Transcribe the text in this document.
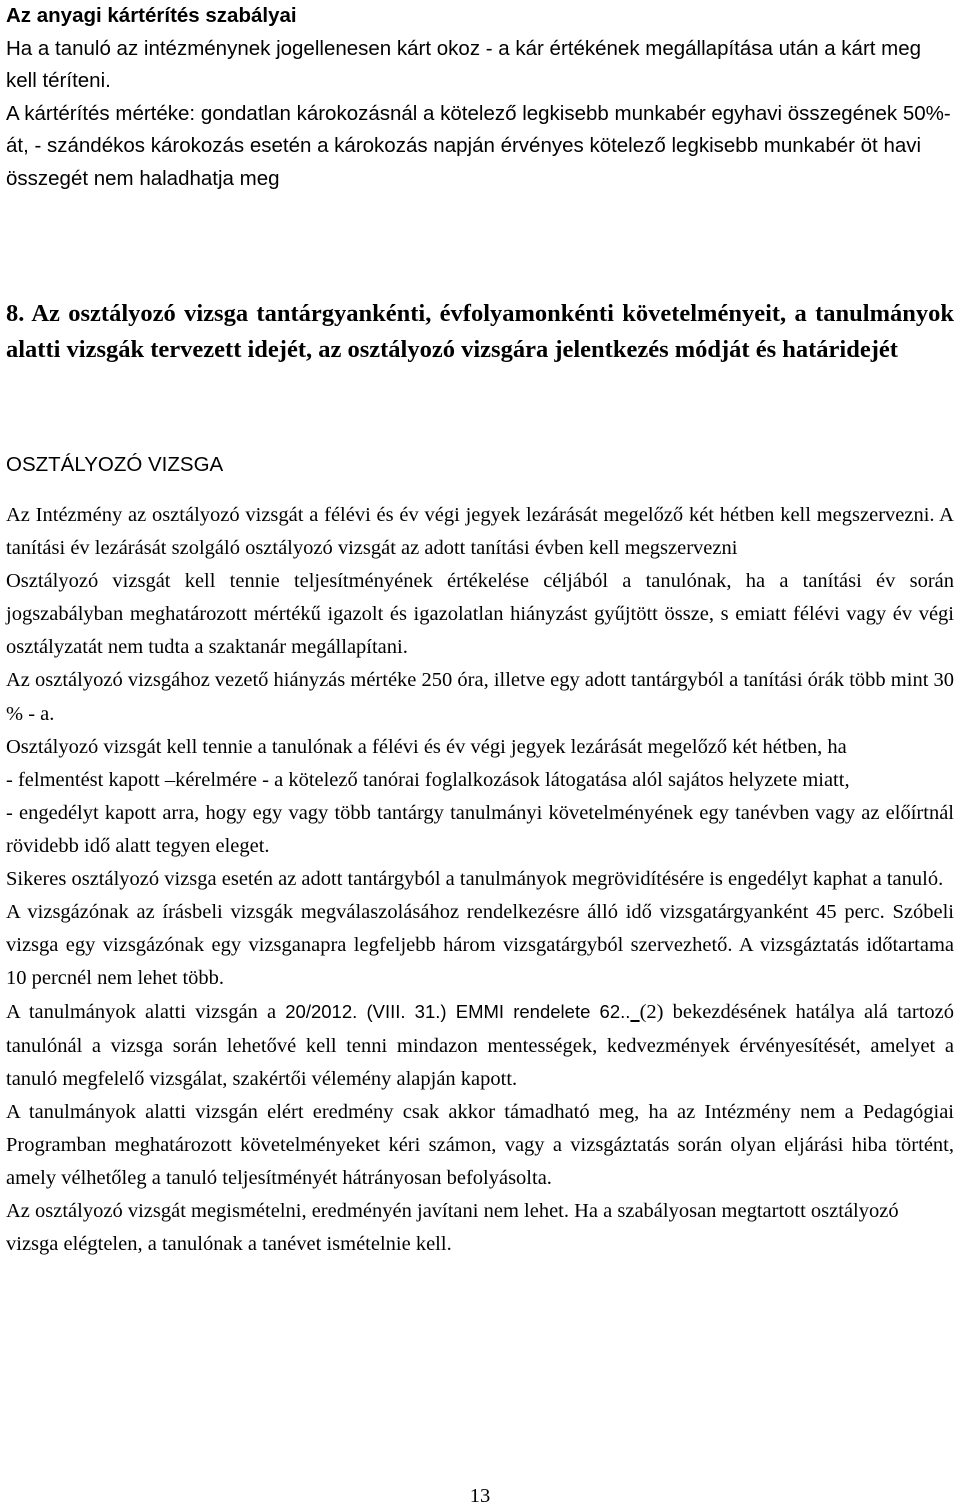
Az anyagi kártérítés szabályai
Ha a tanuló az intézménynek jogellenesen kárt okoz - a kár értékének megállapítása után a kárt meg kell téríteni.
A kártérítés mértéke: gondatlan károkozásnál a kötelező legkisebb munkabér egyhavi összegének 50%-át, - szándékos károkozás esetén a károkozás napján érvényes kötelező legkisebb munkabér öt havi összegét nem haladhatja meg
8. Az osztályozó vizsga tantárgyankénti, évfolyamonkénti követelményeit, a tanulmányok alatti vizsgák tervezett idejét, az osztályozó vizsgára jelentkezés módját és határidejét
OSZTÁLYOZÓ VIZSGA

Az Intézmény az osztályozó vizsgát a félévi és év végi jegyek lezárását megelőző két hétben kell megszervezni. A tanítási év lezárását szolgáló osztályozó vizsgát az adott tanítási évben kell megszervezni

Osztályozó vizsgát kell tennie teljesítményének értékelése céljából a tanulónak, ha a tanítási év során jogszabályban meghatározott mértékű igazolt és igazolatlan hiányzást gyűjtött össze, s emiatt félévi vagy év végi osztályzatát nem tudta a szaktanár megállapítani.

Az osztályozó vizsgához vezető hiányzás mértéke 250 óra, illetve egy adott tantárgyból a tanítási órák több mint 30 % - a.

Osztályozó vizsgát kell tennie a tanulónak a félévi és év végi jegyek lezárását megelőző két hétben, ha

- felmentést kapott –kérelmére - a kötelező tanórai foglalkozások látogatása alól sajátos helyzete miatt,

- engedélyt kapott arra, hogy egy vagy több tantárgy tanulmányi követelményének egy tanévben vagy az előírtnál rövidebb idő alatt tegyen eleget.

Sikeres osztályozó vizsga esetén az adott tantárgyból a tanulmányok megrövidítésére is engedélyt kaphat a tanuló.

A vizsgázónak az írásbeli vizsgák megválaszolásához rendelkezésre álló idő vizsgatárgyanként 45 perc. Szóbeli vizsga egy vizsgázónak egy vizsganapra legfeljebb három vizsgatárgyból szervezhető. A vizsgáztatás időtartama 10 percnél nem lehet több.

A tanulmányok alatti vizsgán a 20/2012. (VIII. 31.) EMMI rendelete 62.. (2) bekezdésének hatálya alá tartozó tanulónál a vizsga során lehetővé kell tenni mindazon mentességek, kedvezmények érvényesítését, amelyet a tanuló megfelelő vizsgálat, szakértői vélemény alapján kapott.

A tanulmányok alatti vizsgán elért eredmény csak akkor támadható meg, ha az Intézmény nem a Pedagógiai Programban meghatározott követelményeket kéri számon, vagy a vizsgáztatás során olyan eljárási hiba történt, amely vélhetőleg a tanuló teljesítményét hátrányosan befolyásolta.

Az osztályozó vizsgát megismételni, eredményén javítani nem lehet. Ha a szabályosan megtartott osztályozó vizsga elégtelen, a tanulónak a tanévet ismételnie kell.

13
